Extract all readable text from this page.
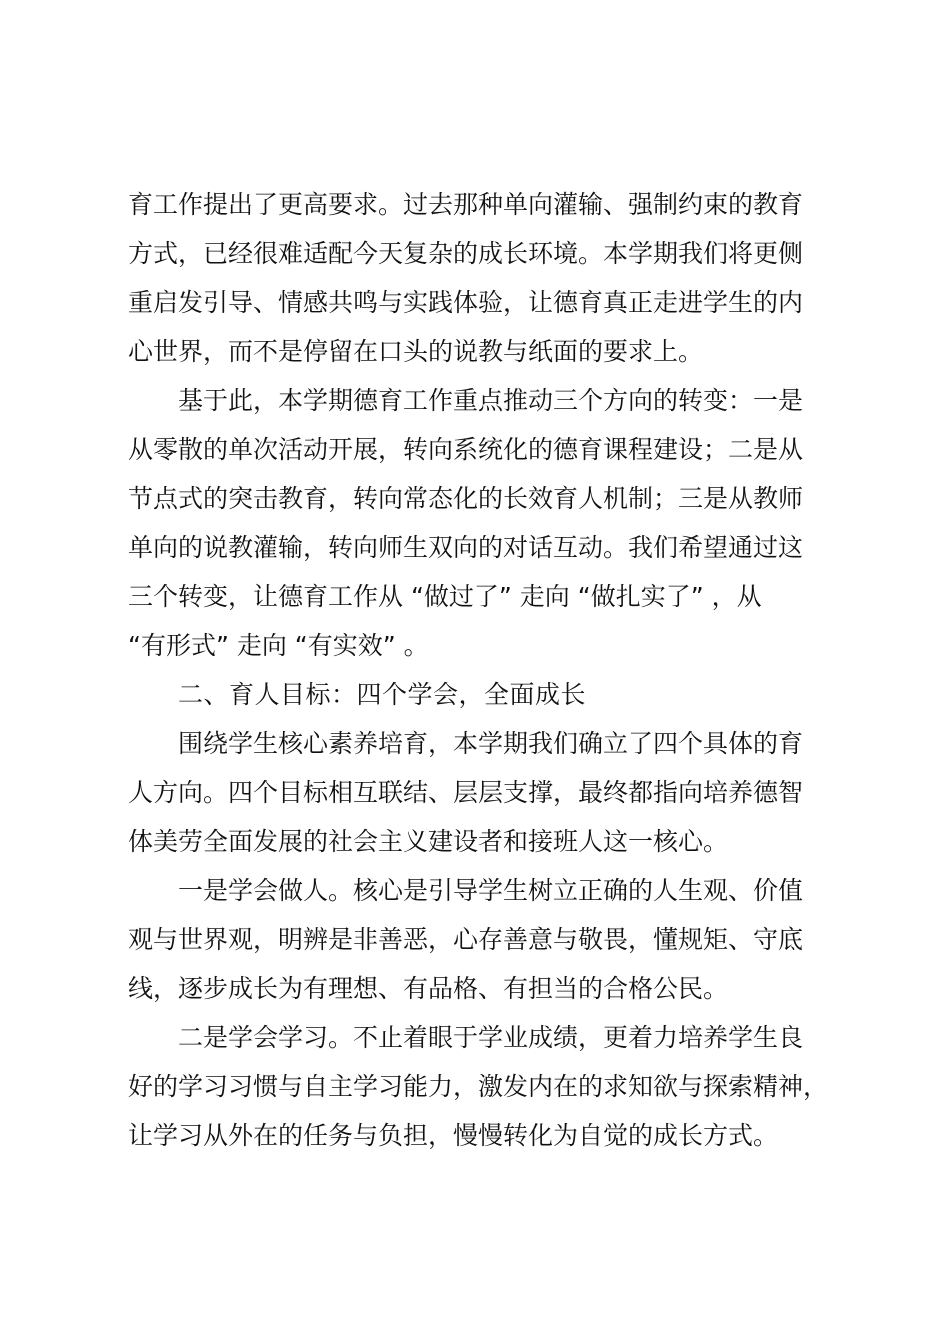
育工作提出了更高要求。过去那种单向灌输、强制约束的教育
方式，已经很难适配今天复杂的成长环境。本学期我们将更侧
重启发引导、情感共鸣与实践体验，让德育真正走进学生的内
心世界，而不是停留在口头的说教与纸面的要求上。
基于此，本学期德育工作重点推动三个方向的转变：一是
从零散的单次活动开展，转向系统化的德育课程建设；二是从
节点式的突击教育，转向常态化的长效育人机制；三是从教师
单向的说教灌输，转向师生双向的对话互动。我们希望通过这
三个转变，让德育工作从 “做过了” 走向 “做扎实了” ，从
“有形式” 走向 “有实效” 。
二、育人目标：四个学会，全面成长
围绕学生核心素养培育，本学期我们确立了四个具体的育
人方向。四个目标相互联结、层层支撑，最终都指向培养德智
体美劳全面发展的社会主义建设者和接班人这一核心。
一是学会做人。核心是引导学生树立正确的人生观、价值
观与世界观，明辨是非善恶，心存善意与敬畏，懂规矩、守底
线，逐步成长为有理想、有品格、有担当的合格公民。
二是学会学习。不止着眼于学业成绩，更着力培养学生良
好的学习习惯与自主学习能力，激发内在的求知欲与探索精神，
让学习从外在的任务与负担，慢慢转化为自觉的成长方式。
